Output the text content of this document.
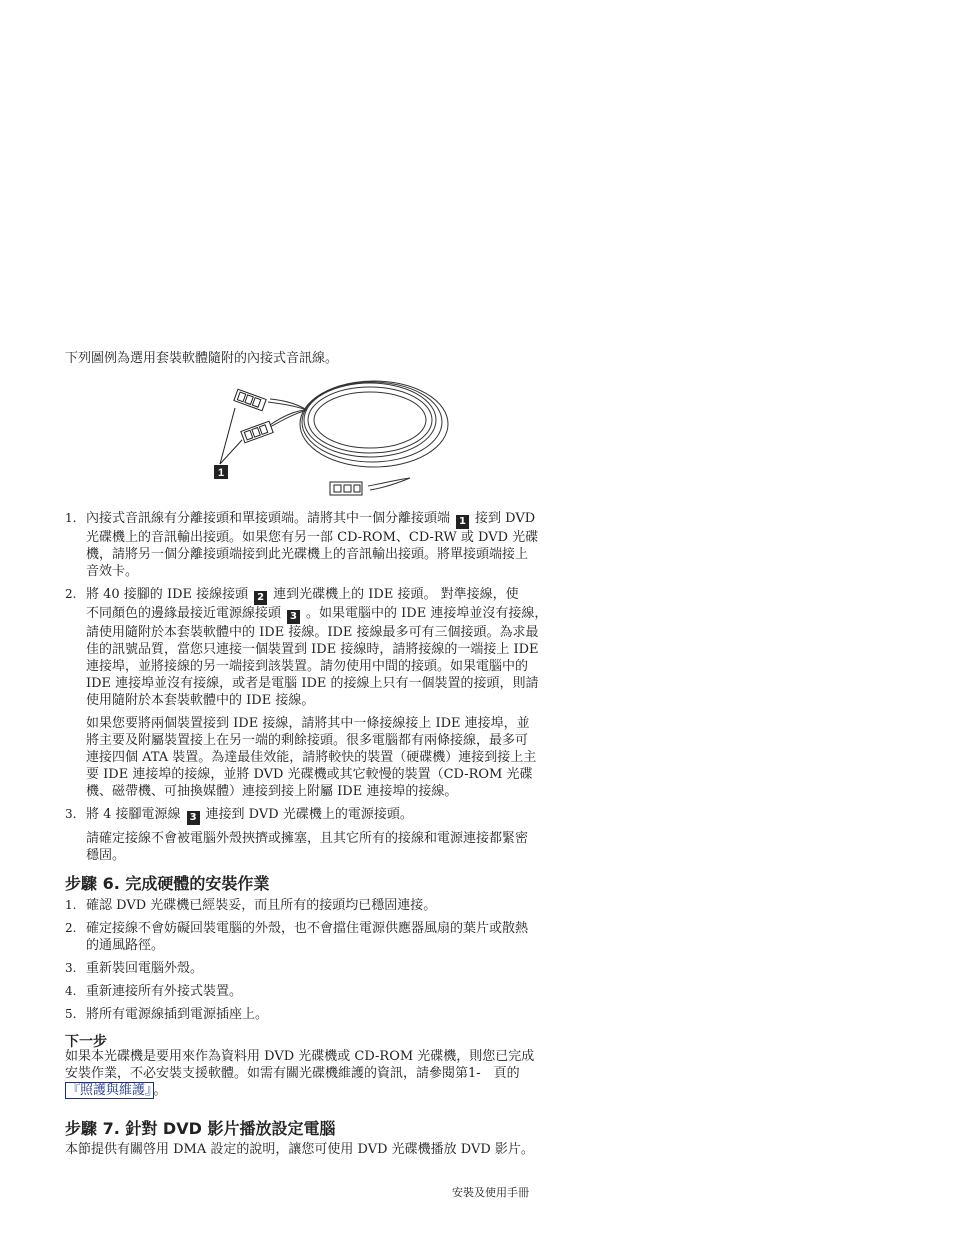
下列圖例為選用套裝軟體隨附的內接式音訊線。
1
1. 內接式音訊線有分離接頭和單接頭端。請將其中一個分離接頭端 1 接到 DVD
光碟機上的音訊輸出接頭。如果您有另一部 CD-ROM、CD-RW 或 DVD 光碟
機，請將另一個分離接頭端接到此光碟機上的音訊輸出接頭。將單接頭端接上
音效卡。
2. 將 40 接腳的 IDE 接線接頭 2 連到光碟機上的 IDE 接頭。 對準接線，使
不同顏色的邊緣最接近電源線接頭 3 。如果電腦中的 IDE 連接埠並沒有接線，
請使用隨附於本套裝軟體中的 IDE 接線。IDE 接線最多可有三個接頭。為求最
佳的訊號品質，當您只連接一個裝置到 IDE 接線時，請將接線的一端接上 IDE
連接埠，並將接線的另一端接到該裝置。請勿使用中間的接頭。如果電腦中的
IDE 連接埠並沒有接線，或者是電腦 IDE 的接線上只有一個裝置的接頭，則請
使用隨附於本套裝軟體中的 IDE 接線。
如果您要將兩個裝置接到 IDE 接線，請將其中一條接線接上 IDE 連接埠，並
將主要及附屬裝置接上在另一端的剩餘接頭。很多電腦都有兩條接線，最多可
連接四個 ATA 裝置。為達最佳效能，請將較快的裝置（硬碟機）連接到接上主
要 IDE 連接埠的接線，並將 DVD 光碟機或其它較慢的裝置（CD-ROM 光碟
機、磁帶機、可抽換媒體）連接到接上附屬 IDE 連接埠的接線。
3. 將 4 接腳電源線 3 連接到 DVD 光碟機上的電源接頭。
請確定接線不會被電腦外殼挾擠或擁塞，且其它所有的接線和電源連接都緊密
穩固。
步驟 6. 完成硬體的安裝作業
1. 確認 DVD 光碟機已經裝妥，而且所有的接頭均已穩固連接。
2. 確定接線不會妨礙回裝電腦的外殼，也不會擋住電源供應器風扇的葉片或散熱
的通風路徑。
3. 重新裝回電腦外殼。
4. 重新連接所有外接式裝置。
5. 將所有電源線插到電源插座上。
下一步
如果本光碟機是要用來作為資料用 DVD 光碟機或 CD-ROM 光碟機，則您已完成
安裝作業，不必安裝支援軟體。如需有關光碟機維護的資訊，請參閱第1-　頁的
『照護與維護』 。
步驟 7. 針對 DVD 影片播放設定電腦
本節提供有關啓用 DMA 設定的說明，讓您可使用 DVD 光碟機播放 DVD 影片。
安裝及使用手冊
